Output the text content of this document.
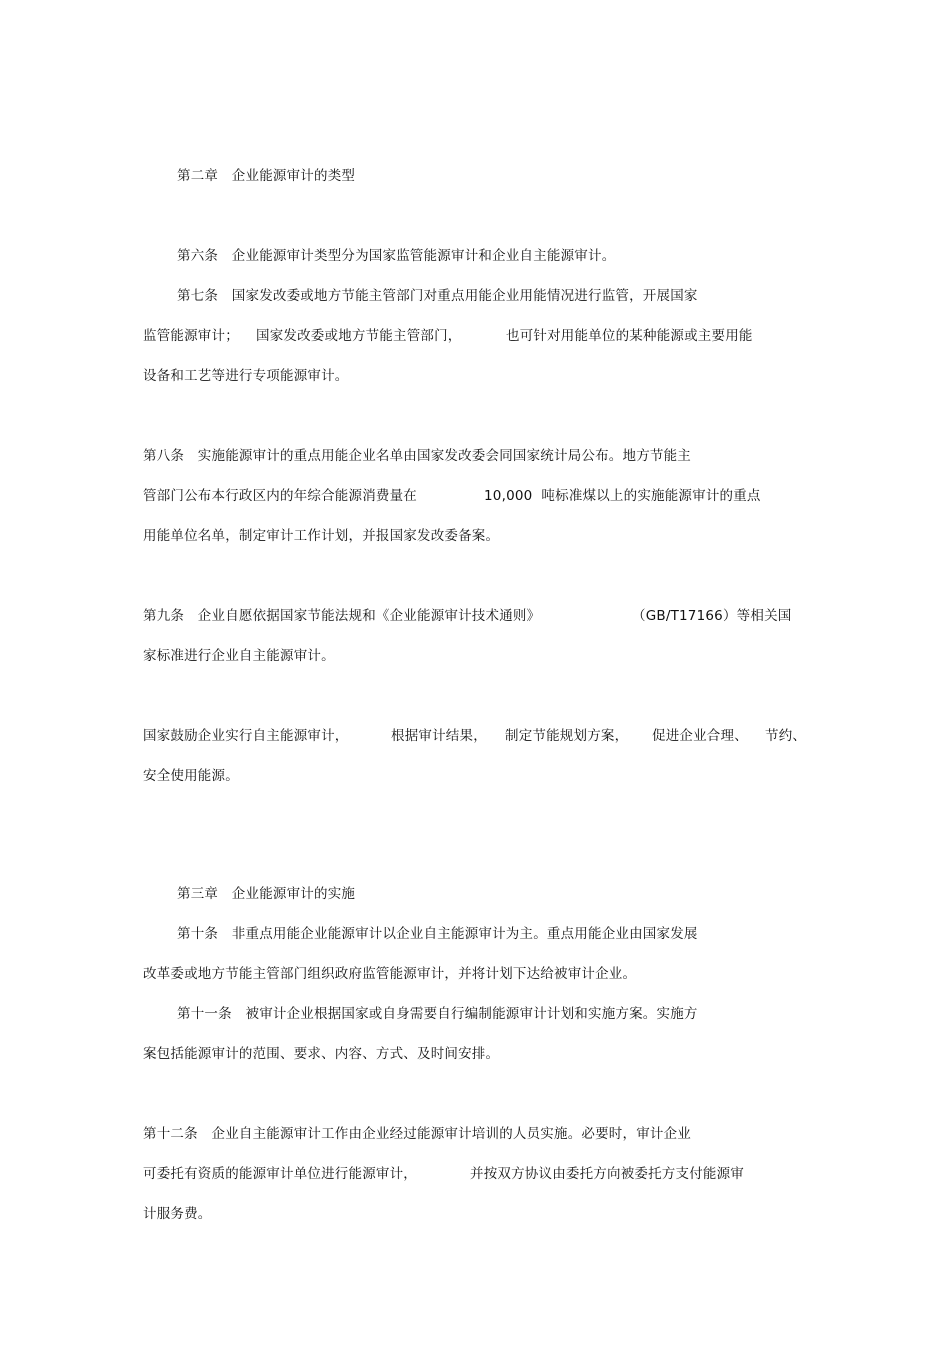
第二章　企业能源审计的类型
第六条　企业能源审计类型分为国家监管能源审计和企业自主能源审计。
第七条　国家发改委或地方节能主管部门对重点用能企业用能情况进行监管，开展国家
监管能源审计； 国家发改委或地方节能主管部门，	也可针对用能单位的某种能源或主要用能
设备和工艺等进行专项能源审计。
第八条　实施能源审计的重点用能企业名单由国家发改委会同国家统计局公布。地方节能主
管部门公布本行政区内的年综合能源消费量在	10,000  吨标准煤以上的实施能源审计的重点
用能单位名单，制定审计工作计划，并报国家发改委备案。
第九条　企业自愿依据国家节能法规和《企业能源审计技术通则》	（GB/T17166）等相关国
家标准进行企业自主能源审计。
国家鼓励企业实行自主能源审计，	根据审计结果， 制定节能规划方案， 促进企业合理、 节约、
安全使用能源。
第三章　企业能源审计的实施
第十条　非重点用能企业能源审计以企业自主能源审计为主。重点用能企业由国家发展
改革委或地方节能主管部门组织政府监管能源审计，并将计划下达给被审计企业。
第十一条　被审计企业根据国家或自身需要自行编制能源审计计划和实施方案。实施方
案包括能源审计的范围、要求、内容、方式、及时间安排。
第十二条　企业自主能源审计工作由企业经过能源审计培训的人员实施。必要时，审计企业
可委托有资质的能源审计单位进行能源审计，	并按双方协议由委托方向被委托方支付能源审
计服务费。
